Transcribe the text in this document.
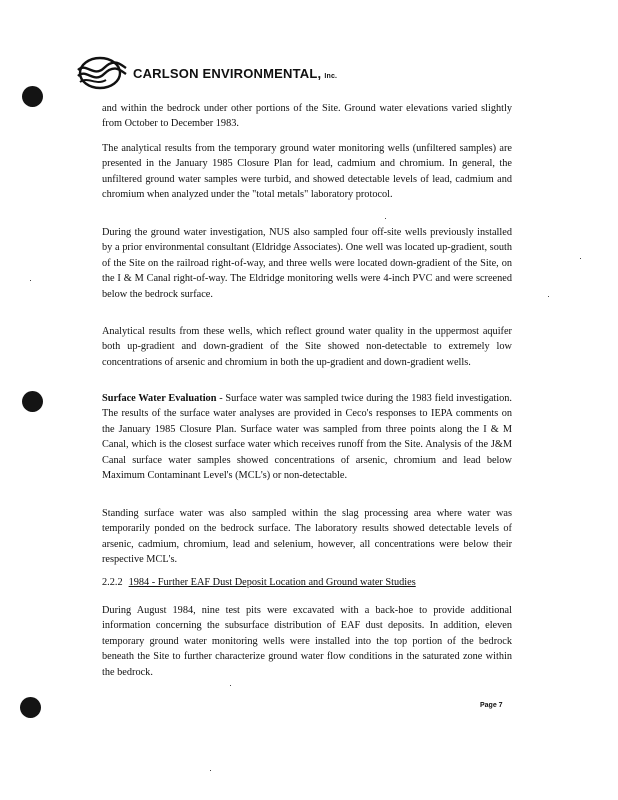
CARLSON ENVIRONMENTAL, Inc.

and within the bedrock under other portions of the Site. Ground water elevations varied slightly from October to December 1983.

The analytical results from the temporary ground water monitoring wells (unfiltered samples) are presented in the January 1985 Closure Plan for lead, cadmium and chromium. In general, the unfiltered ground water samples were turbid, and showed detectable levels of lead, cadmium and chromium when analyzed under the "total metals" laboratory protocol.

During the ground water investigation, NUS also sampled four off-site wells previously installed by a prior environmental consultant (Eldridge Associates). One well was located up-gradient, south of the Site on the railroad right-of-way, and three wells were located down-gradient of the Site, on the I & M Canal right-of-way. The Eldridge monitoring wells were 4-inch PVC and were screened below the bedrock surface.

Analytical results from these wells, which reflect ground water quality in the uppermost aquifer both up-gradient and down-gradient of the Site showed non-detectable to extremely low concentrations of arsenic and chromium in both the up-gradient and down-gradient wells.

Surface Water Evaluation - Surface water was sampled twice during the 1983 field investigation. The results of the surface water analyses are provided in Ceco's responses to IEPA comments on the January 1985 Closure Plan. Surface water was sampled from three points along the I & M Canal, which is the closest surface water which receives runoff from the Site. Analysis of the J&M Canal surface water samples showed concentrations of arsenic, chromium and lead below Maximum Contaminant Level's (MCL's) or non-detectable.

Standing surface water was also sampled within the slag processing area where water was temporarily ponded on the bedrock surface. The laboratory results showed detectable levels of arsenic, cadmium, chromium, lead and selenium, however, all concentrations were below their respective MCL's.

2.2.2 1984 - Further EAF Dust Deposit Location and Ground water Studies

During August 1984, nine test pits were excavated with a back-hoe to provide additional information concerning the subsurface distribution of EAF dust deposits. In addition, eleven temporary ground water monitoring wells were installed into the top portion of the bedrock beneath the Site to further characterize ground water flow conditions in the saturated zone within the bedrock.

Page 7
